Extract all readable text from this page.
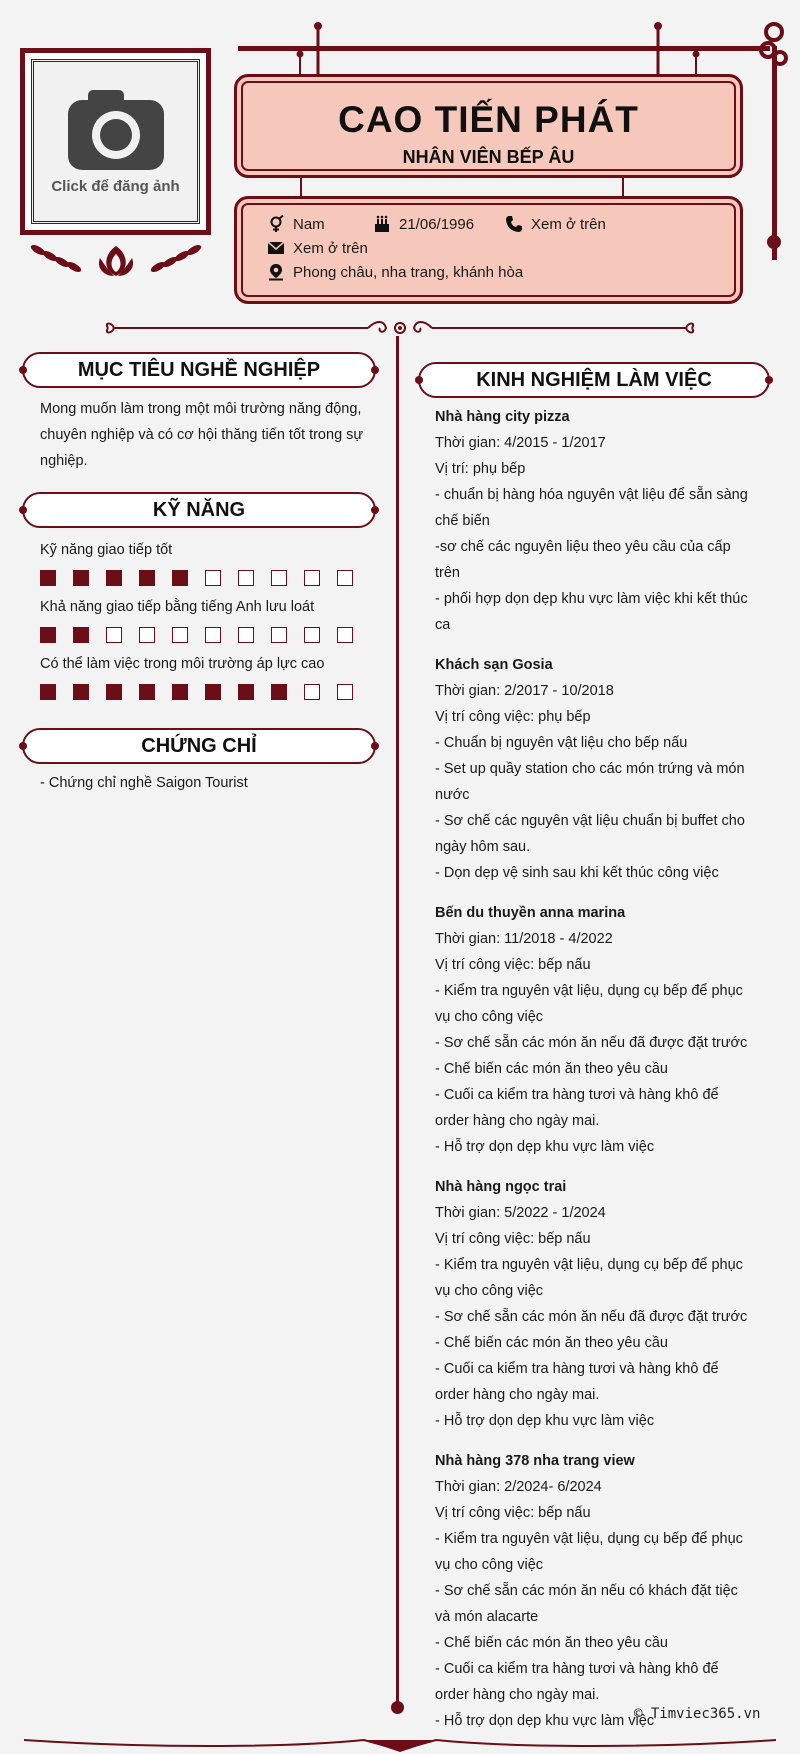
Click để đăng ảnh
CAO TIẾN PHÁT
NHÂN VIÊN BẾP ÂU
Nam	21/06/1996	Xem ở trên
Xem ở trên
Phong châu, nha trang, khánh hòa
MỤC TIÊU NGHỀ NGHIỆP
Mong muốn làm trong một môi trường năng động, chuyên nghiệp và có cơ hội thăng tiến tốt trong sự nghiệp.
KỸ NĂNG
Kỹ năng giao tiếp tốt
Khả năng giao tiếp bằng tiếng Anh lưu loát
Có thể làm việc trong môi trường áp lực cao
CHỨNG CHỈ
- Chứng chỉ nghề Saigon Tourist
KINH NGHIỆM LÀM VIỆC
Nhà hàng city pizza
Thời gian: 4/2015 - 1/2017
Vị trí: phụ bếp
- chuẩn bị hàng hóa nguyên vật liệu để sẵn sàng chế biến
-sơ chế các nguyên liệu theo yêu cầu của cấp trên
- phối hợp dọn dẹp khu vực làm việc khi kết thúc ca
Khách sạn Gosia
Thời gian: 2/2017 - 10/2018
Vị trí công việc: phụ bếp
- Chuẩn bị nguyên vật liệu cho bếp nấu
- Set up quầy station cho các món trứng và món nước
- Sơ chế các nguyên vật liệu chuẩn bị buffet cho ngày hôm sau.
- Dọn dẹp vệ sinh sau khi kết thúc công việc
Bến du thuyền anna marina
Thời gian: 11/2018 - 4/2022
Vị trí công việc: bếp nấu
- Kiểm tra nguyên vật liệu, dụng cụ bếp để phục vụ cho công việc
- Sơ chế sẵn các món ăn nếu đã được đặt trước
- Chế biến các món ăn theo yêu cầu
- Cuối ca kiểm tra hàng tươi và hàng khô để order hàng cho ngày mai.
- Hỗ trợ dọn dẹp khu vực làm việc
Nhà hàng ngọc trai
Thời gian: 5/2022 - 1/2024
Vị trí công việc: bếp nấu
- Kiểm tra nguyên vật liệu, dụng cụ bếp để phục vụ cho công việc
- Sơ chế sẵn các món ăn nếu đã được đặt trước
- Chế biến các món ăn theo yêu cầu
- Cuối ca kiểm tra hàng tươi và hàng khô để order hàng cho ngày mai.
- Hỗ trợ dọn dẹp khu vực làm việc
Nhà hàng 378 nha trang view
Thời gian: 2/2024- 6/2024
Vị trí công việc: bếp nấu
- Kiểm tra nguyên vật liệu, dụng cụ bếp để phục vụ cho công việc
- Sơ chế sẵn các món ăn nếu có khách đặt tiệc và món alacarte
- Chế biến các món ăn theo yêu cầu
- Cuối ca kiểm tra hàng tươi và hàng khô để order hàng cho ngày mai.
- Hỗ trợ dọn dẹp khu vực làm việc
© Timviec365.vn
